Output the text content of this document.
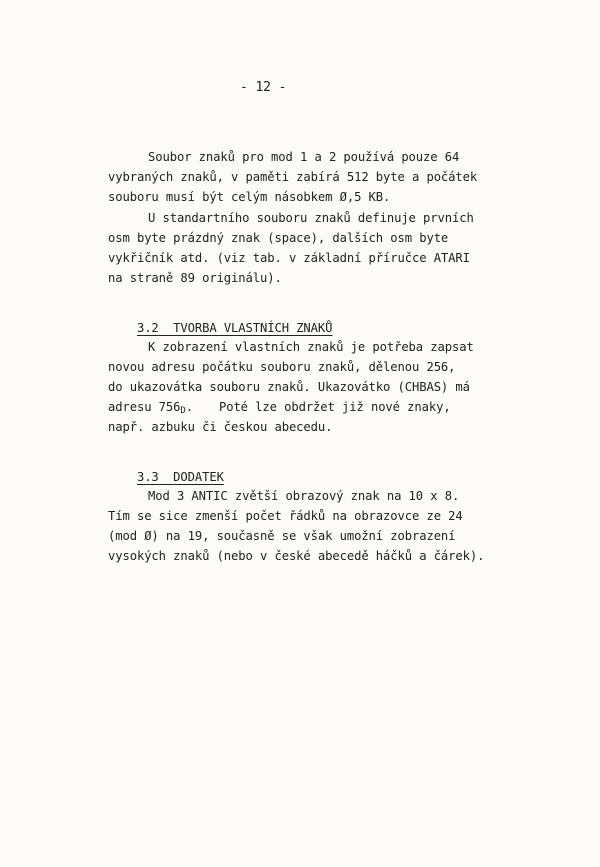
- 12 -
Soubor znaků pro mod 1 a 2 používá pouze 64
vybraných znaků, v paměti zabírá 512 byte a počátek
souboru musí být celým násobkem Ø,5 KB.
U standartního souboru znaků definuje prvních
osm byte prázdný znak (space), dalších osm byte
vykřičník atd. (viz tab. v základní příručce ATARI
na straně 89 originálu).

3.2 TVORBA VLASTNÍCH ZNAKŮ

K zobrazení vlastních znaků je potřeba zapsat
novou adresu počátku souboru znaků, dělenou 256,
do ukazovátka souboru znaků. Ukazovátko (CHBAS) má
adresu $756_D$. Poté lze obdržet již nové znaky,
např. azbuku či českou abecedu.

3.3 DODATEK

Mod 3 ANTIC zvětší obrazový znak na 10 x 8.
Tím se sice zmenší počet řádků na obrazovce ze 24
(mod Ø) na 19, současně se však umožní zobrazení
vysokých znaků (nebo v české abecedě háčků a čárek).
